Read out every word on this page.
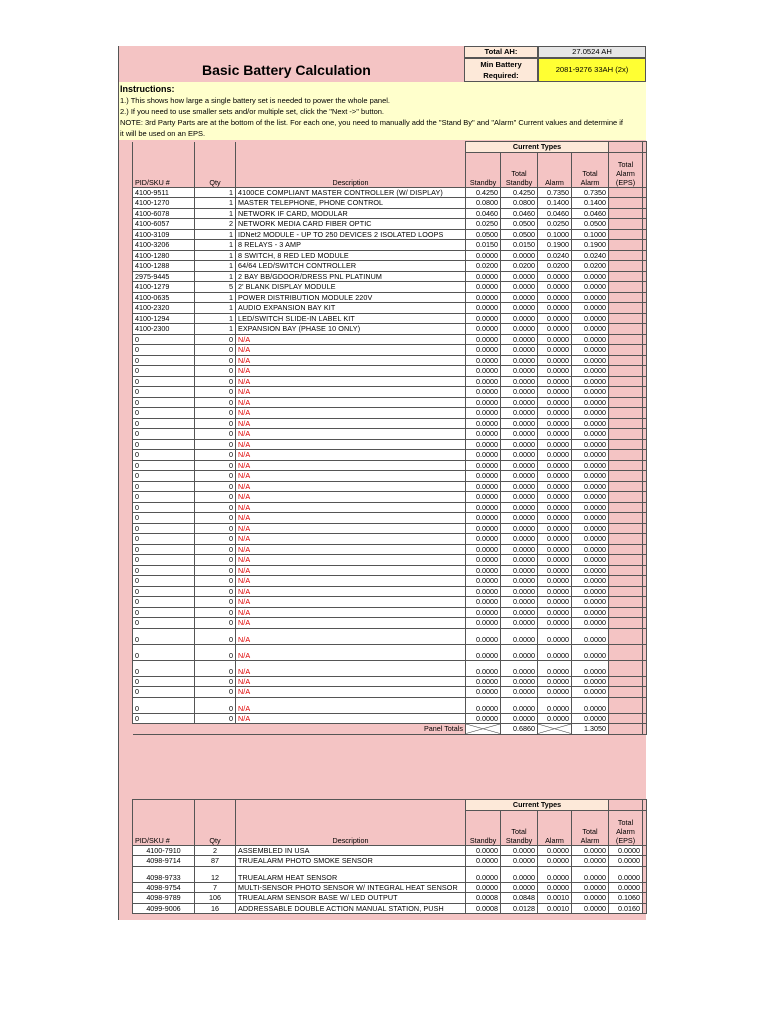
Basic Battery Calculation
Total AH:	27.0524 AH
Min Battery
Required:
2081-9276 33AH (2x)
Instructions:
1.) This shows how large a single battery set is needed to power the whole panel.
2.) If you need to use smaller sets and/or multiple set, click the "Next ->" button.
NOTE: 3rd Party Parts are at the bottom of the list. For each one, you need to manually add the "Stand By" and "Alarm" Current values and determine if
it will be used on an EPS.
			Current Types					
PID/SKU #	Qty	Description	Standby	Total Standby	Alarm	Total Alarm	Total Alarm (EPS)	
4100-9511	1	4100CE COMPLIANT MASTER CONTROLLER (W/ DISPLAY)	0.4250	0.4250	0.7350	0.7350		
4100-1270	1	MASTER TELEPHONE, PHONE CONTROL	0.0800	0.0800	0.1400	0.1400		
4100-6078	1	NETWORK IF CARD, MODULAR	0.0460	0.0460	0.0460	0.0460		
4100-6057	2	NETWORK MEDIA CARD FIBER OPTIC	0.0250	0.0500	0.0250	0.0500		
4100-3109	1	IDNet2 MODULE - UP TO 250 DEVICES 2 ISOLATED LOOPS	0.0500	0.0500	0.1000	0.1000		
4100-3206	1	8 RELAYS - 3 AMP	0.0150	0.0150	0.1900	0.1900		
4100-1280	1	8 SWITCH, 8 RED LED MODULE	0.0000	0.0000	0.0240	0.0240		
4100-1288	1	64/64 LED/SWITCH CONTROLLER	0.0200	0.0200	0.0200	0.0200		
2975-9445	1	2 BAY BB/GDOOR/DRESS PNL PLATINUM	0.0000	0.0000	0.0000	0.0000		
4100-1279	5	2' BLANK DISPLAY MODULE	0.0000	0.0000	0.0000	0.0000		
4100-0635	1	POWER DISTRIBUTION MODULE 220V	0.0000	0.0000	0.0000	0.0000		
4100-2320	1	AUDIO EXPANSION BAY KIT	0.0000	0.0000	0.0000	0.0000		
4100-1294	1	LED/SWITCH SLIDE-IN LABEL KIT	0.0000	0.0000	0.0000	0.0000		
4100-2300	1	EXPANSION BAY (PHASE 10 ONLY)	0.0000	0.0000	0.0000	0.0000		
0	0	N/A	0.0000	0.0000	0.0000	0.0000		
0	0	N/A	0.0000	0.0000	0.0000	0.0000		
0	0	N/A	0.0000	0.0000	0.0000	0.0000		
0	0	N/A	0.0000	0.0000	0.0000	0.0000		
0	0	N/A	0.0000	0.0000	0.0000	0.0000		
0	0	N/A	0.0000	0.0000	0.0000	0.0000		
0	0	N/A	0.0000	0.0000	0.0000	0.0000		
0	0	N/A	0.0000	0.0000	0.0000	0.0000		
0	0	N/A	0.0000	0.0000	0.0000	0.0000		
0	0	N/A	0.0000	0.0000	0.0000	0.0000		
0	0	N/A	0.0000	0.0000	0.0000	0.0000		
0	0	N/A	0.0000	0.0000	0.0000	0.0000		
0	0	N/A	0.0000	0.0000	0.0000	0.0000		
0	0	N/A	0.0000	0.0000	0.0000	0.0000		
0	0	N/A	0.0000	0.0000	0.0000	0.0000		
0	0	N/A	0.0000	0.0000	0.0000	0.0000		
0	0	N/A	0.0000	0.0000	0.0000	0.0000		
0	0	N/A	0.0000	0.0000	0.0000	0.0000		
0	0	N/A	0.0000	0.0000	0.0000	0.0000		
0	0	N/A	0.0000	0.0000	0.0000	0.0000		
0	0	N/A	0.0000	0.0000	0.0000	0.0000		
0	0	N/A	0.0000	0.0000	0.0000	0.0000		
0	0	N/A	0.0000	0.0000	0.0000	0.0000		
0	0	N/A	0.0000	0.0000	0.0000	0.0000		
0	0	N/A	0.0000	0.0000	0.0000	0.0000		
0	0	N/A	0.0000	0.0000	0.0000	0.0000		
0	0	N/A	0.0000	0.0000	0.0000	0.0000		
0	0	N/A	0.0000	0.0000	0.0000	0.0000		
0	0	N/A	0.0000	0.0000	0.0000	0.0000		
0	0	N/A	0.0000	0.0000	0.0000	0.0000		
0	0	N/A	0.0000	0.0000	0.0000	0.0000		
0	0	N/A	0.0000	0.0000	0.0000	0.0000		
0	0	N/A	0.0000	0.0000	0.0000	0.0000		
0	0	N/A	0.0000	0.0000	0.0000	0.0000		
0	0	N/A	0.0000	0.0000	0.0000	0.0000		
Panel Totals				0.6860		1.3050		
			Current Types					
PID/SKU #	Qty	Description	Standby	Total Standby	Alarm	Total Alarm	Total Alarm (EPS)	
4100-7910	2	ASSEMBLED IN USA	0.0000	0.0000	0.0000	0.0000	0.0000	
4098-9714	87	TRUEALARM PHOTO SMOKE SENSOR	0.0000	0.0000	0.0000	0.0000	0.0000	
4098-9733	12	TRUEALARM HEAT SENSOR	0.0000	0.0000	0.0000	0.0000	0.0000	
4098-9754	7	MULTI-SENSOR PHOTO SENSOR W/ INTEGRAL HEAT SENSOR	0.0000	0.0000	0.0000	0.0000	0.0000	
4098-9789	106	TRUEALARM SENSOR BASE W/ LED OUTPUT	0.0008	0.0848	0.0010	0.0000	0.1060	
4099-9006	16	ADDRESSABLE DOUBLE ACTION MANUAL STATION, PUSH	0.0008	0.0128	0.0010	0.0000	0.0160	
